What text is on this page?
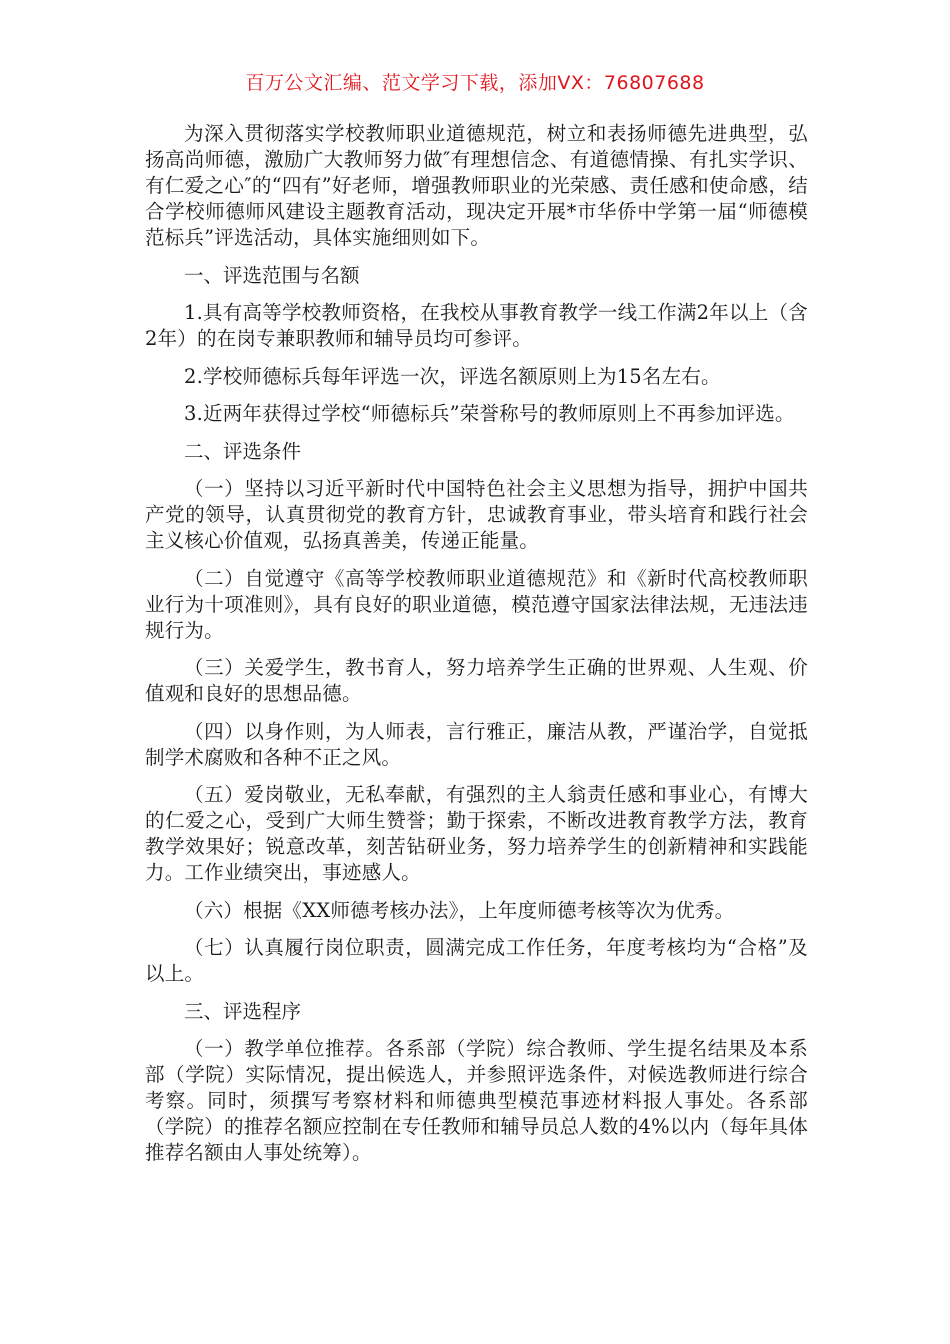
百万公文汇编、范文学习下载，添加VX：76807688

为深入贯彻落实学校教师职业道德规范，树立和表扬师德先进典型，弘扬高尚师德，激励广大教师努力做″有理想信念、有道德情操、有扎实学识、有仁爱之心″的“四有”好老师，增强教师职业的光荣感、责任感和使命感，结合学校师德师风建设主题教育活动，现决定开展*市华侨中学第一届“师德模范标兵”评选活动，具体实施细则如下。

一、评选范围与名额

1.具有高等学校教师资格，在我校从事教育教学一线工作满2年以上（含2年）的在岗专兼职教师和辅导员均可参评。

2.学校师德标兵每年评选一次，评选名额原则上为15名左右。

3.近两年获得过学校“师德标兵”荣誉称号的教师原则上不再参加评选。

二、评选条件

（一）坚持以习近平新时代中国特色社会主义思想为指导，拥护中国共产党的领导，认真贯彻党的教育方针，忠诚教育事业，带头培育和践行社会主义核心价值观，弘扬真善美，传递正能量。

（二）自觉遵守《高等学校教师职业道德规范》和《新时代高校教师职业行为十项准则》，具有良好的职业道德，模范遵守国家法律法规，无违法违规行为。

（三）关爱学生，教书育人，努力培养学生正确的世界观、人生观、价值观和良好的思想品德。

（四）以身作则，为人师表，言行雅正，廉洁从教，严谨治学，自觉抵制学术腐败和各种不正之风。

（五）爱岗敬业，无私奉献，有强烈的主人翁责任感和事业心，有博大的仁爱之心，受到广大师生赞誉；勤于探索，不断改进教育教学方法，教育教学效果好；锐意改革，刻苦钻研业务，努力培养学生的创新精神和实践能力。工作业绩突出，事迹感人。

（六）根据《XX师德考核办法》，上年度师德考核等次为优秀。

（七）认真履行岗位职责，圆满完成工作任务，年度考核均为“合格”及以上。

三、评选程序

（一）教学单位推荐。各系部（学院）综合教师、学生提名结果及本系部（学院）实际情况，提出候选人，并参照评选条件，对候选教师进行综合考察。同时，须撰写考察材料和师德典型模范事迹材料报人事处。各系部（学院）的推荐名额应控制在专任教师和辅导员总人数的4%以内（每年具体推荐名额由人事处统筹）。
